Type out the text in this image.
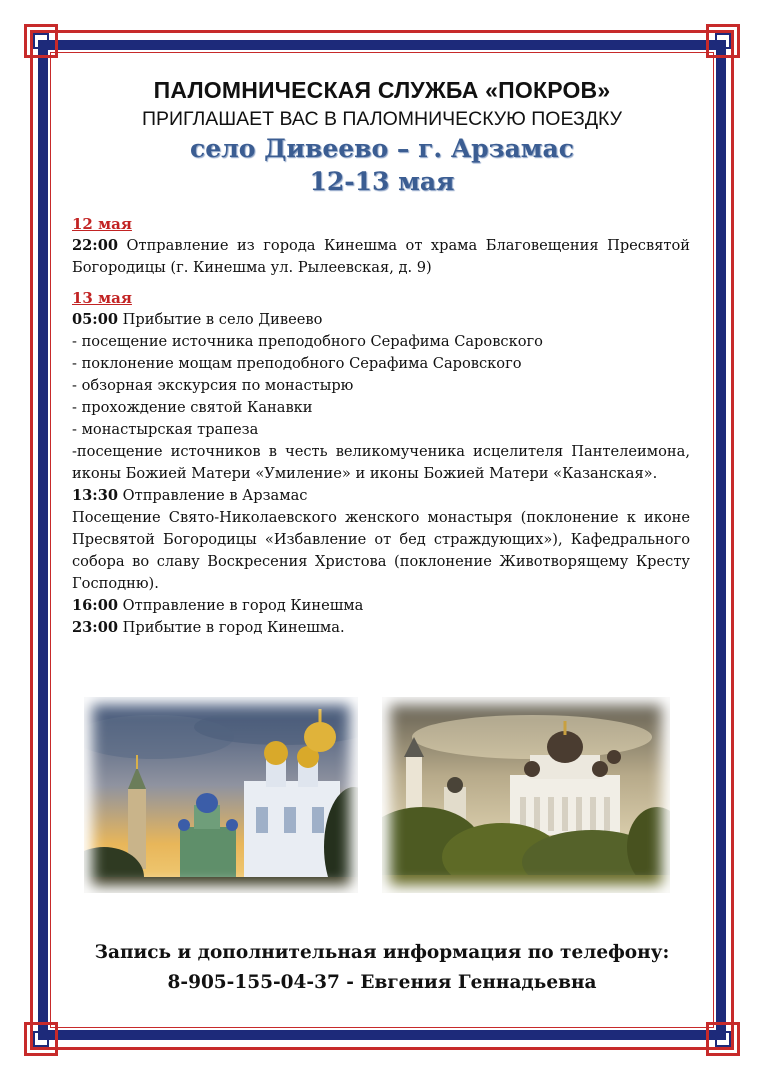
ПАЛОМНИЧЕСКАЯ СЛУЖБА «ПОКРОВ»
ПРИГЛАШАЕТ ВАС В ПАЛОМНИЧЕСКУЮ ПОЕЗДКУ
село Дивеево – г. Арзамас
12-13 мая
12 мая
22:00 Отправление из города Кинешма от храма Благовещения Пресвятой Богородицы (г. Кинешма ул. Рылеевская, д. 9)
13 мая
05:00 Прибытие в село Дивеево
- посещение источника преподобного Серафима Саровского
- поклонение мощам преподобного Серафима Саровского
- обзорная экскурсия по монастырю
- прохождение святой Канавки
- монастырская трапеза
-посещение источников в честь великомученика исцелителя Пантелеимона, иконы Божией Матери «Умиление» и иконы Божией Матери «Казанская».
13:30 Отправление в Арзамас
Посещение Свято-Николаевского женского монастыря (поклонение к иконе Пресвятой Богородицы «Избавление от бед страждующих»), Кафедрального собора во славу Воскресения Христова (поклонение Животворящему Кресту Господню).
16:00 Отправление в город Кинешма
23:00 Прибытие в город Кинешма.
Запись и дополнительная информация по телефону:
8-905-155-04-37 - Евгения Геннадьевна
